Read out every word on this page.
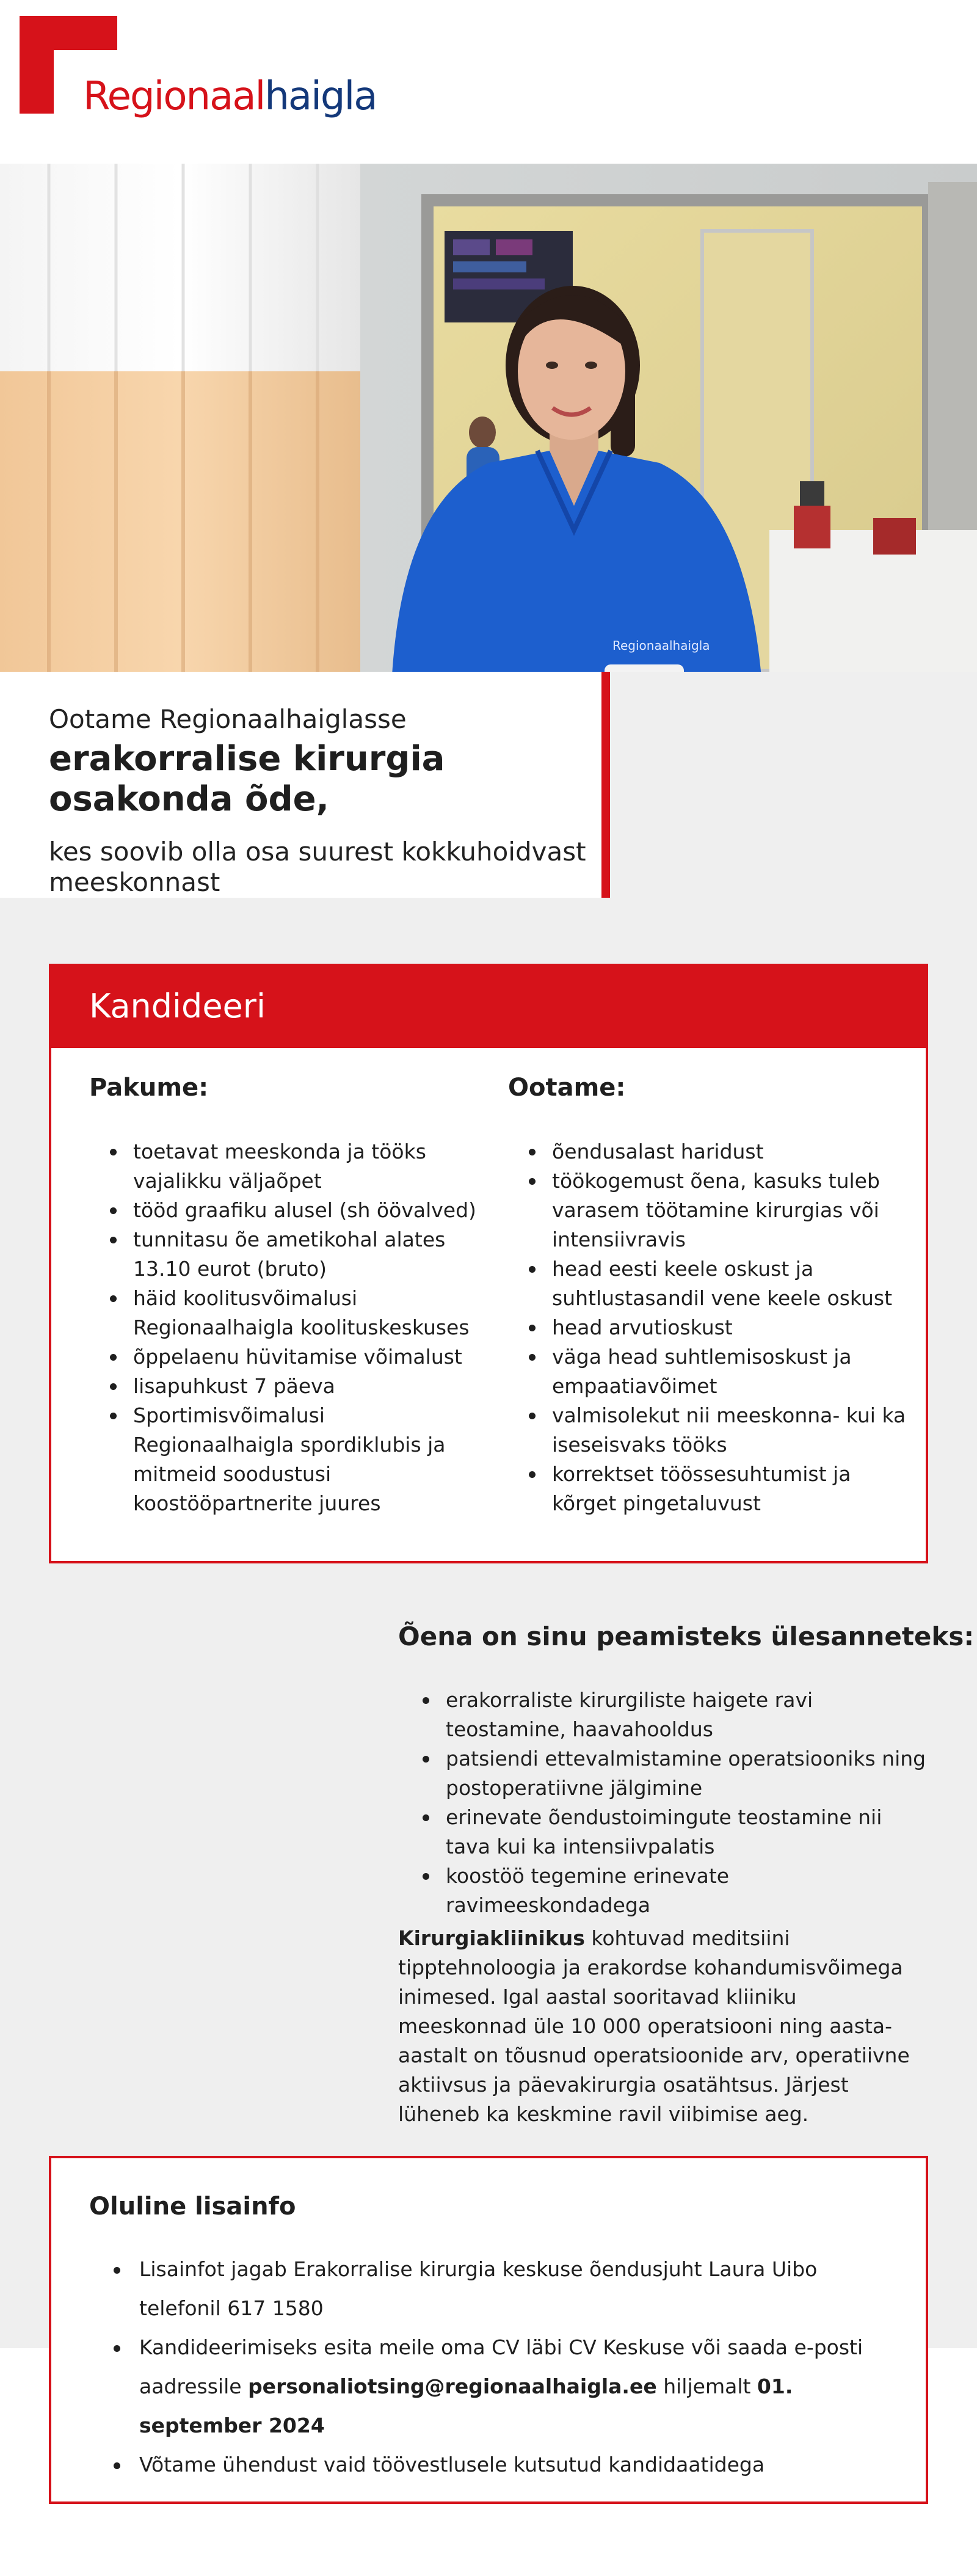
Regionaalhaigla
Regionaalhaigla
Ootame Regionaalhaiglasse
erakorralise kirurgia osakonda õde,
kes soovib olla osa suurest kokkuhoidvast meeskonnast
Kandideeri
Pakume:
toetavat meeskonda ja tööks vajalikku väljaõpet
tööd graafiku alusel (sh öövalved)
tunnitasu õe ametikohal alates 13.10 eurot (bruto)
häid koolitusvõimalusi Regionaalhaigla koolituskeskuses
õppelaenu hüvitamise võimalust
lisapuhkust 7 päeva
Sportimisvõimalusi Regionaalhaigla spordiklubis ja mitmeid soodustusi koostööpartnerite juures
Ootame:
õendusalast haridust
töökogemust õena, kasuks tuleb varasem töötamine kirurgias või intensiivravis
head eesti keele oskust ja suhtlustasandil vene keele oskust
head arvutioskust
väga head suhtlemisoskust ja empaatiavõimet
valmisolekut nii meeskonna- kui ka iseseisvaks tööks
korrektset töössesuhtumist ja kõrget pingetaluvust
Õena on sinu peamisteks ülesanneteks:
erakorraliste kirurgiliste haigete ravi teostamine, haavahooldus
patsiendi ettevalmistamine operatsiooniks ning postoperatiivne jälgimine
erinevate õendustoimingute teostamine nii tava kui ka intensiivpalatis
koostöö tegemine erinevate ravimeeskondadega
Kirurgiakliinikus kohtuvad meditsiini tipptehnoloogia ja erakordse kohandumisvõimega inimesed. Igal aastal sooritavad kliiniku meeskonnad üle 10 000 operatsiooni ning aasta-aastalt on tõusnud operatsioonide arv, operatiivne aktiivsus ja päevakirurgia osatähtsus. Järjest lüheneb ka keskmine ravil viibimise aeg.
Oluline lisainfo
Lisainfot jagab Erakorralise kirurgia keskuse õendusjuht Laura Uibo telefonil 617 1580
Kandideerimiseks esita meile oma CV läbi CV Keskuse või saada e-posti aadressile personaliotsing@regionaalhaigla.ee hiljemalt 01. september 2024
Võtame ühendust vaid töövestlusele kutsutud kandidaatidega
